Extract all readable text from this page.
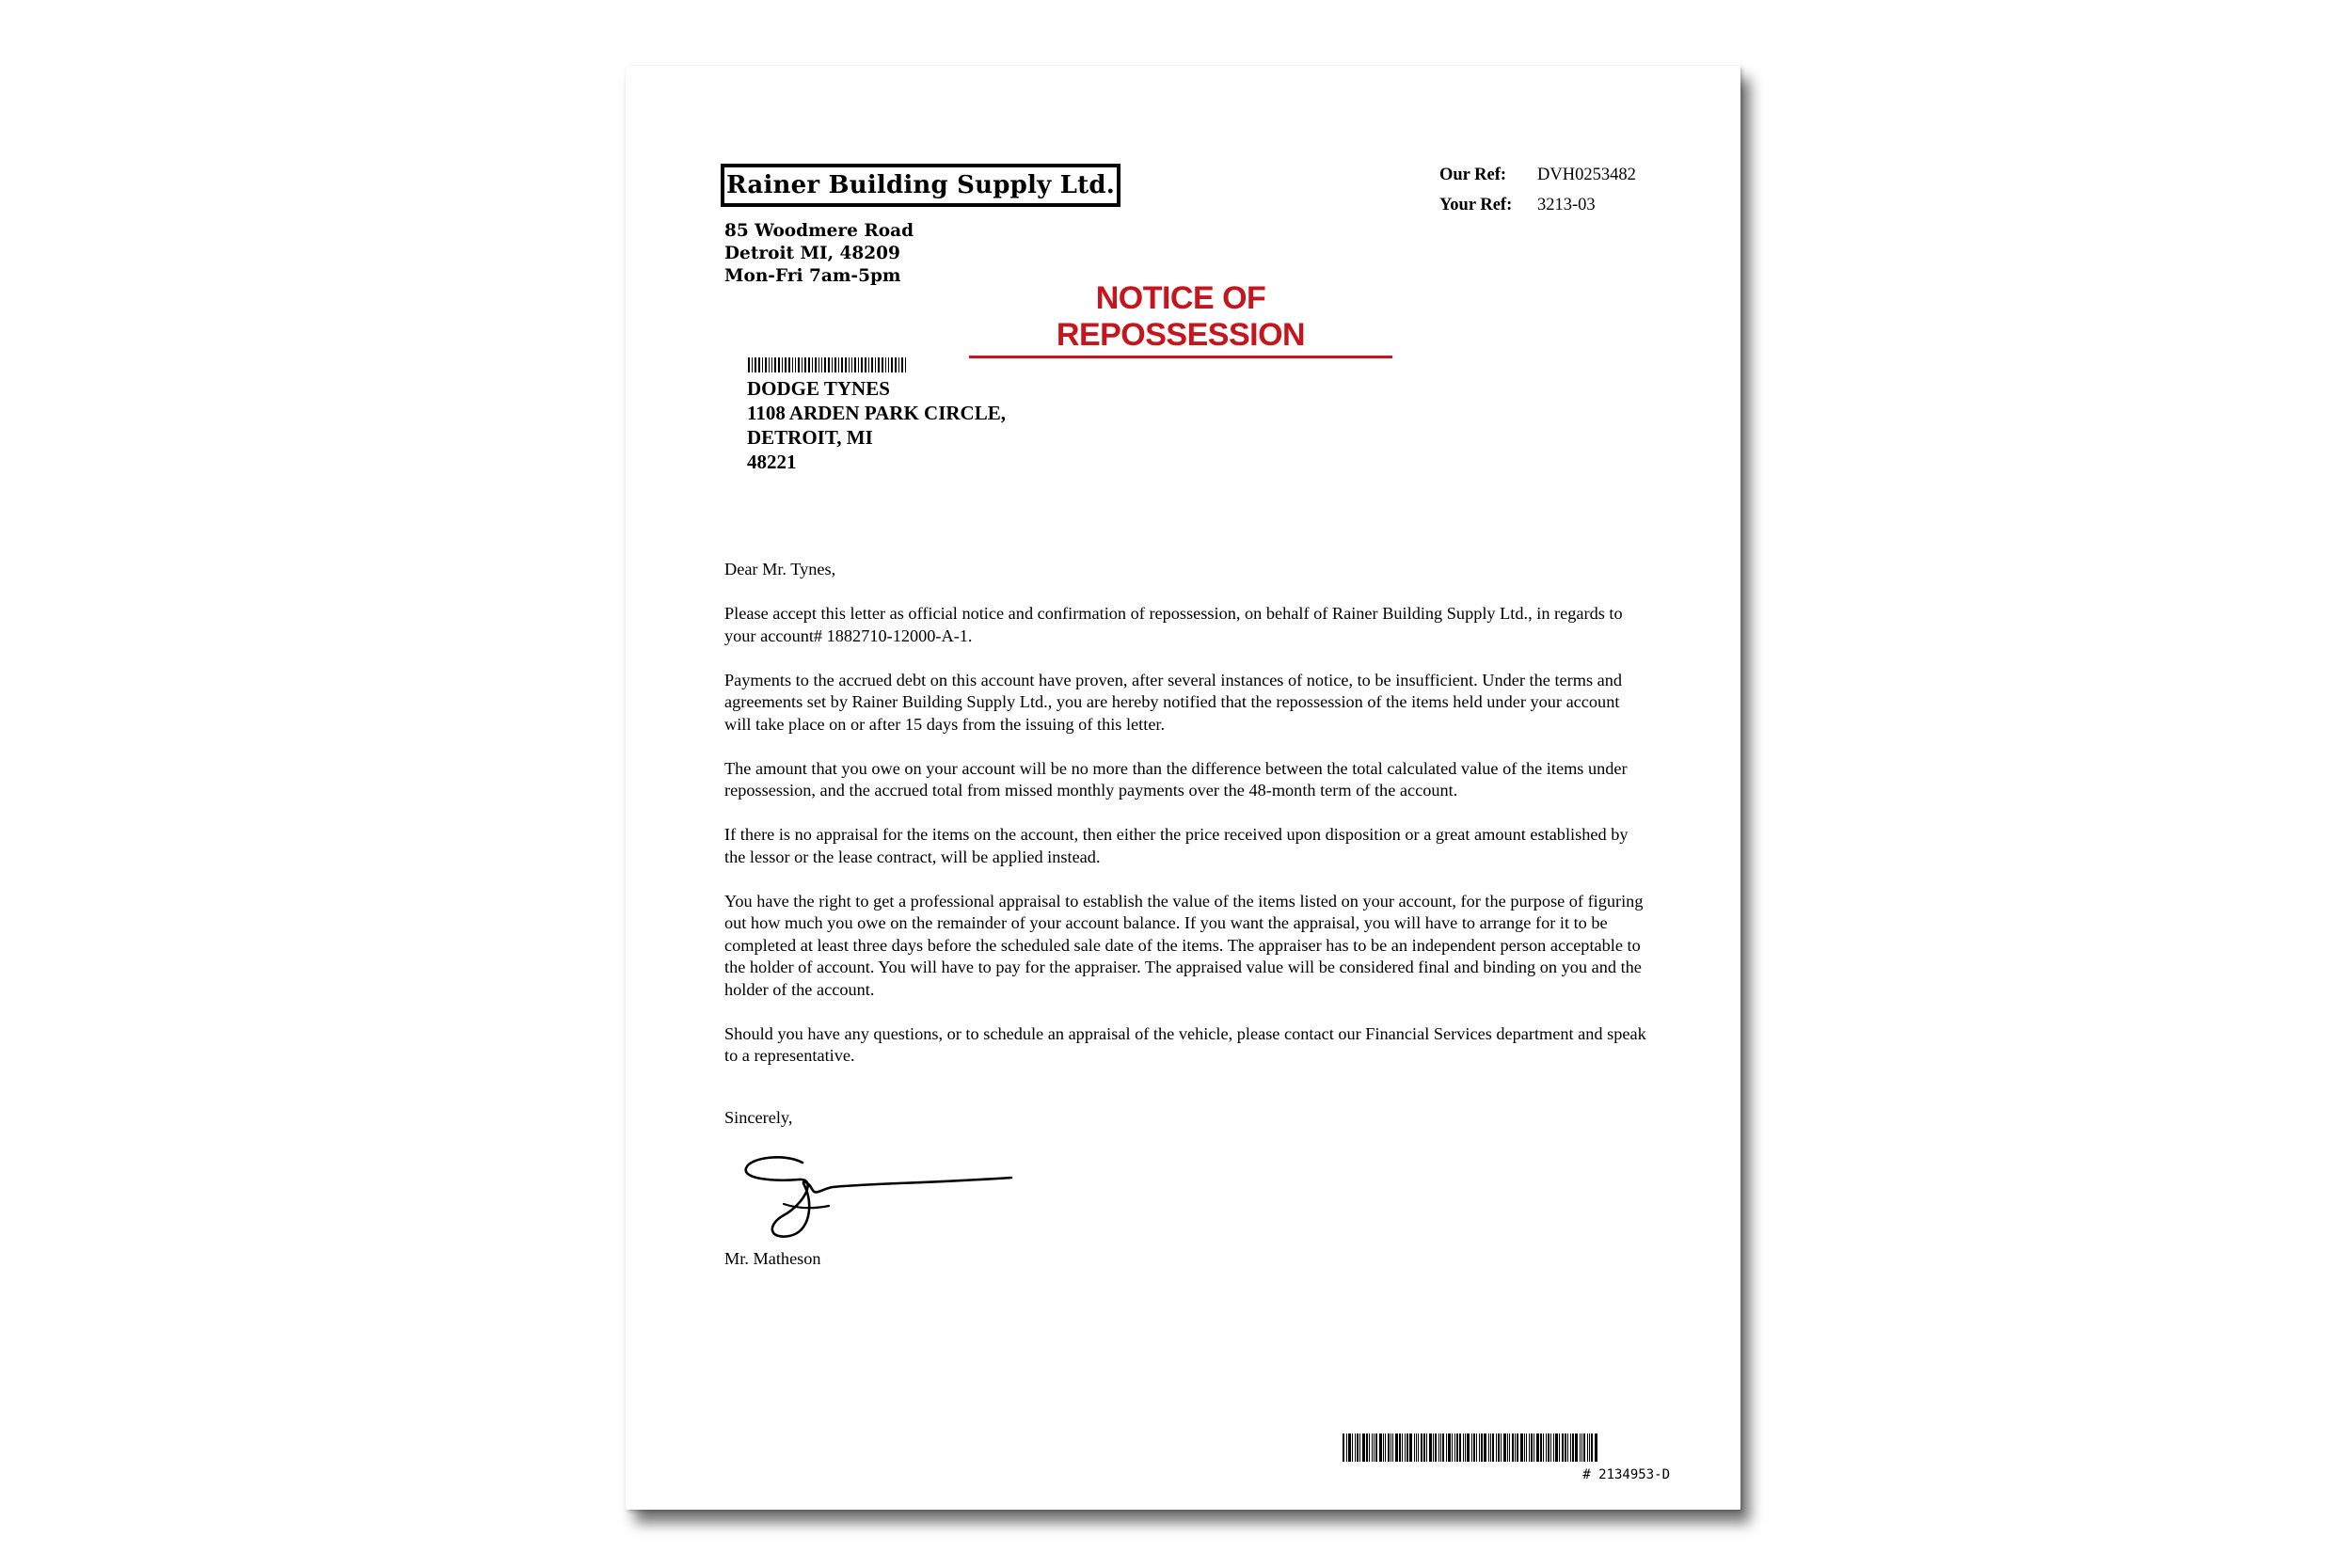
Rainer Building Supply Ltd.
85 Woodmere Road
Detroit MI, 48209
Mon-Fri 7am-5pm
Our Ref:	DVH0253482
Your Ref:	3213-03
NOTICE OF REPOSSESSION
DODGE TYNES
1108 ARDEN PARK CIRCLE,
DETROIT, MI
48221

Dear Mr. Tynes,

Please accept this letter as official notice and confirmation of repossession, on behalf of Rainer Building Supply Ltd., in regards to your account# 1882710-12000-A-1.

Payments to the accrued debt on this account have proven, after several instances of notice, to be insufficient. Under the terms and agreements set by Rainer Building Supply Ltd., you are hereby notified that the repossession of the items held under your account will take place on or after 15 days from the issuing of this letter.

The amount that you owe on your account will be no more than the difference between the total calculated value of the items under repossession, and the accrued total from missed monthly payments over the 48-month term of the account.

If there is no appraisal for the items on the account, then either the price received upon disposition or a great amount established by the lessor or the lease contract, will be applied instead.

You have the right to get a professional appraisal to establish the value of the items listed on your account, for the purpose of figuring out how much you owe on the remainder of your account balance. If you want the appraisal, you will have to arrange for it to be completed at least three days before the scheduled sale date of the items. The appraiser has to be an independent person acceptable to the holder of account. You will have to pay for the appraiser. The appraised value will be considered final and binding on you and the holder of the account.

Should you have any questions, or to schedule an appraisal of the vehicle, please contact our Financial Services department and speak to a representative.

Sincerely,
Mr. Matheson
# 2134953-D
